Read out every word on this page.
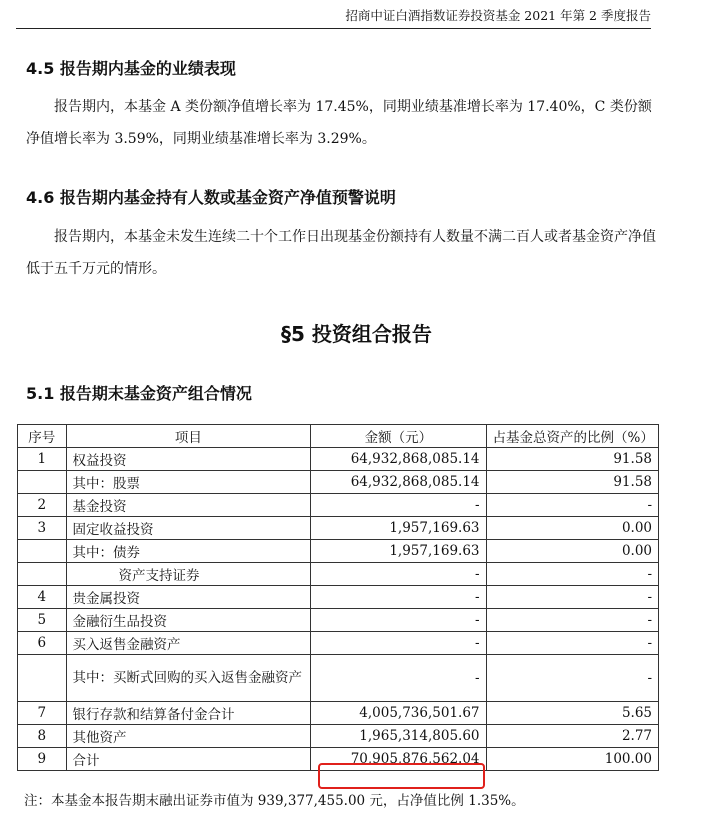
招商中证白酒指数证券投资基金 2021 年第 2 季度报告
4.5 报告期内基金的业绩表现

报告期内，本基金 A 类份额净值增长率为 17.45%，同期业绩基准增长率为 17.40%，C 类份额净值增长率为 3.59%，同期业绩基准增长率为 3.29%。

4.6 报告期内基金持有人数或基金资产净值预警说明

报告期内，本基金未发生连续二十个工作日出现基金份额持有人数量不满二百人或者基金资产净值低于五千万元的情形。

§5 投资组合报告
5.1 报告期末基金资产组合情况
序号	项目	金额（元）	占基金总资产的比例（%）
1	权益投资	64,932,868,085.14	91.58
	其中：股票	64,932,868,085.14	91.58
2	基金投资	-	-
3	固定收益投资	1,957,169.63	0.00
	其中：债券	1,957,169.63	0.00
	资产支持证券	-	-
4	贵金属投资	-	-
5	金融衍生品投资	-	-
6	买入返售金融资产	-	-
	其中：买断式回购的买入返售金融资产	-	-
7	银行存款和结算备付金合计	4,005,736,501.67	5.65
8	其他资产	1,965,314,805.60	2.77
9	合计	70,905,876,562.04	100.00
注：本基金本报告期末融出证券市值为 939,377,455.00 元，占净值比例 1.35%。
